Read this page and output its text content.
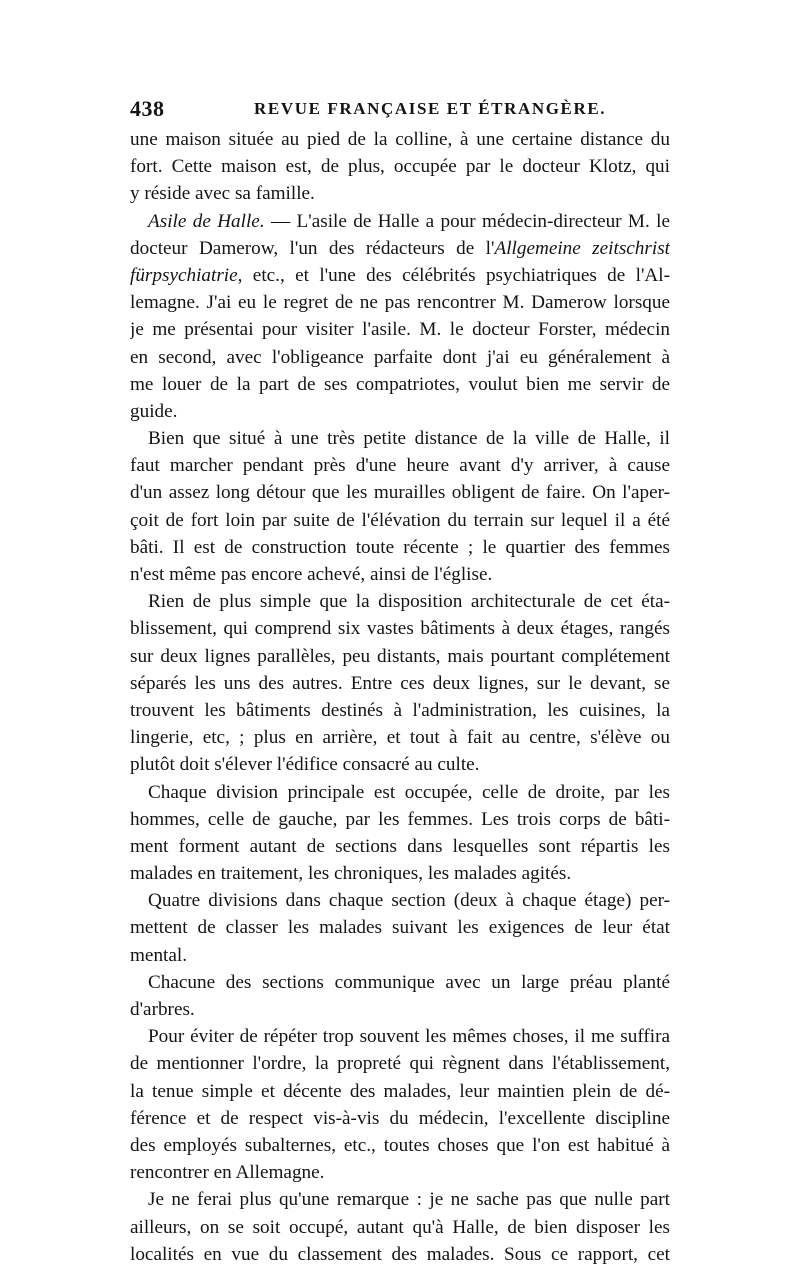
438	REVUE FRANÇAISE ET ÉTRANGÈRE.
une maison située au pied de la colline, à une certaine distance du
fort. Cette maison est, de plus, occupée par le docteur Klotz, qui
y réside avec sa famille.
Asile de Halle. — L'asile de Halle a pour médecin-directeur M. le
docteur Damerow, l'un des rédacteurs de l'Allgemeine zeitschrist
fürpsychiatrie, etc., et l'une des célébrités psychiatriques de l'Al-
lemagne. J'ai eu le regret de ne pas rencontrer M. Damerow lorsque
je me présentai pour visiter l'asile. M. le docteur Forster, médecin
en second, avec l'obligeance parfaite dont j'ai eu généralement à
me louer de la part de ses compatriotes, voulut bien me servir de
guide.
Bien que situé à une très petite distance de la ville de Halle, il
faut marcher pendant près d'une heure avant d'y arriver, à cause
d'un assez long détour que les murailles obligent de faire. On l'aper-
çoit de fort loin par suite de l'élévation du terrain sur lequel il a été
bâti. Il est de construction toute récente ; le quartier des femmes
n'est même pas encore achevé, ainsi de l'église.
Rien de plus simple que la disposition architecturale de cet éta-
blissement, qui comprend six vastes bâtiments à deux étages, rangés
sur deux lignes parallèles, peu distants, mais pourtant complétement
séparés les uns des autres. Entre ces deux lignes, sur le devant, se
trouvent les bâtiments destinés à l'administration, les cuisines, la
lingerie, etc, ; plus en arrière, et tout à fait au centre, s'élève ou
plutôt doit s'élever l'édifice consacré au culte.
Chaque division principale est occupée, celle de droite, par les
hommes, celle de gauche, par les femmes. Les trois corps de bâti-
ment forment autant de sections dans lesquelles sont répartis les
malades en traitement, les chroniques, les malades agités.
Quatre divisions dans chaque section (deux à chaque étage) per-
mettent de classer les malades suivant les exigences de leur état
mental.
Chacune des sections communique avec un large préau planté
d'arbres.
Pour éviter de répéter trop souvent les mêmes choses, il me suffira
de mentionner l'ordre, la propreté qui règnent dans l'établissement,
la tenue simple et décente des malades, leur maintien plein de dé-
férence et de respect vis-à-vis du médecin, l'excellente discipline
des employés subalternes, etc., toutes choses que l'on est habitué à
rencontrer en Allemagne.
Je ne ferai plus qu'une remarque : je ne sache pas que nulle part
ailleurs, on se soit occupé, autant qu'à Halle, de bien disposer les
localités en vue du classement des malades. Sous ce rapport, cet
